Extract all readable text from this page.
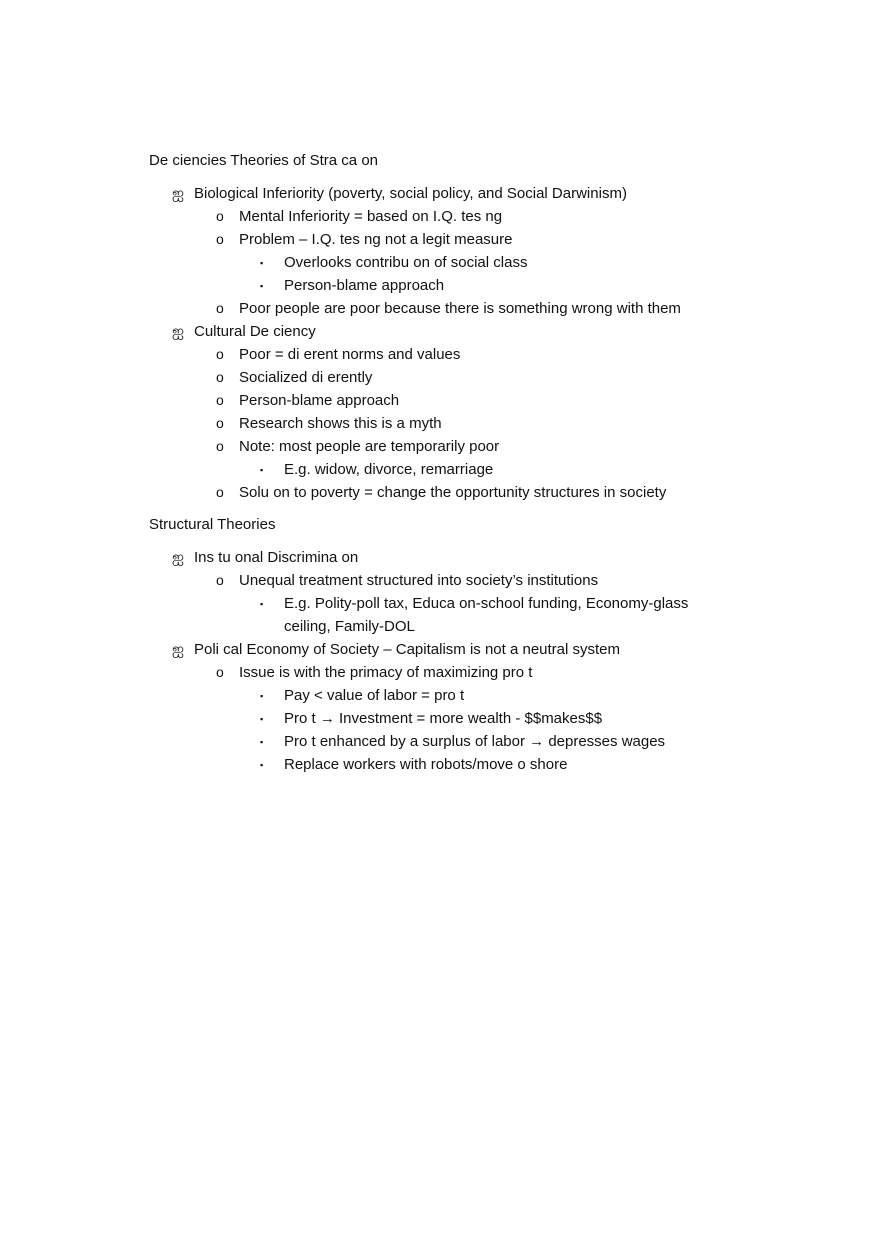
De ciencies Theories of Stra ca on
ஐ Biological Inferiority (poverty, social policy, and Social Darwinism)
o	Mental Inferiority = based on I.Q. tes ng
o	Problem – I.Q. tes ng not a legit measure
▪	Overlooks contribu on of social class
▪	Person-blame approach
o	Poor people are poor because there is something wrong with them
ஐ Cultural De ciency
o	Poor = di erent norms and values
o	Socialized di erently
o	Person-blame approach
o	Research shows this is a myth
o	Note: most people are temporarily poor
▪	E.g. widow, divorce, remarriage
o	Solu on to poverty = change the opportunity structures in society
Structural Theories
ஐ Ins tu onal Discrimina on
o	Unequal treatment structured into society’s institutions
▪	E.g. Polity-poll tax, Educa on-school funding, Economy-glass ceiling, Family-DOL
ஐ Poli cal Economy of Society – Capitalism is not a neutral system
o	Issue is with the primacy of maximizing pro t
▪	Pay < value of labor = pro t
▪	Pro t → Investment = more wealth - $$makes$$
▪	Pro t enhanced by a surplus of labor → depresses wages
▪	Replace workers with robots/move o shore
